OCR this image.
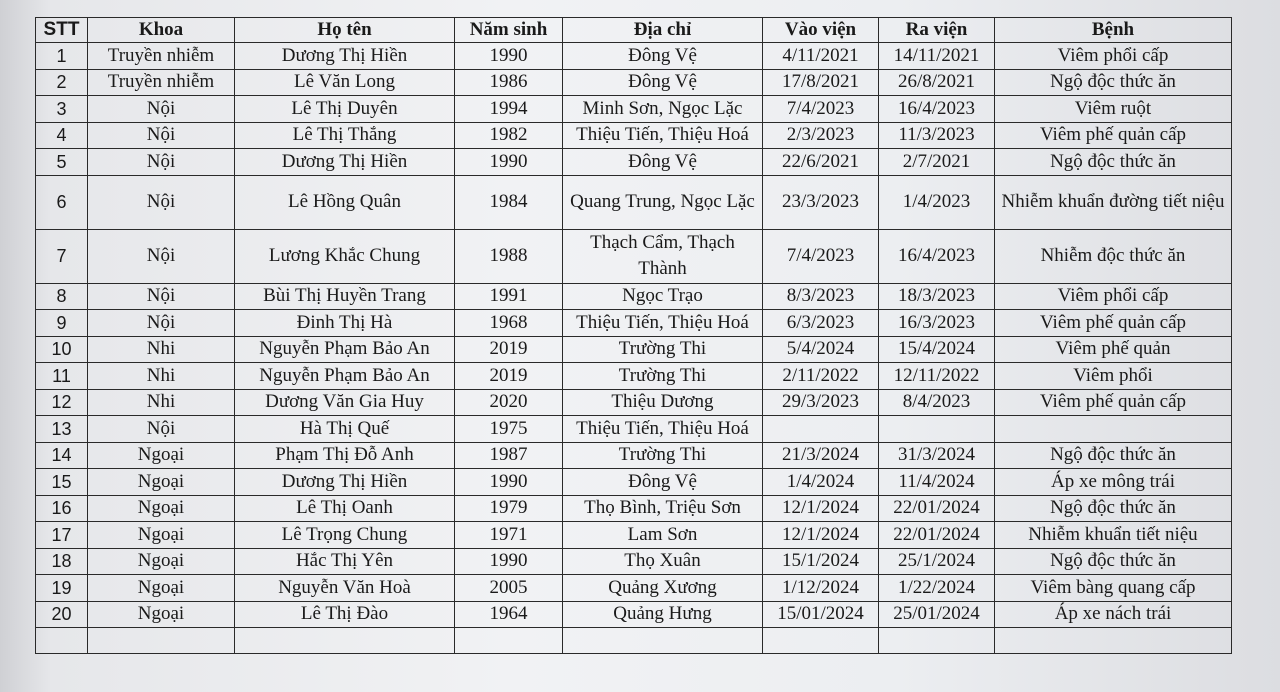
STT	Khoa	Họ tên	Năm sinh	Địa chỉ	Vào viện	Ra viện	Bệnh
1	Truyền nhiễm	Dương Thị Hiền	1990	Đông Vệ	4/11/2021	14/11/2021	Viêm phổi cấp
2	Truyền nhiễm	Lê Văn Long	1986	Đông Vệ	17/8/2021	26/8/2021	Ngộ độc thức ăn
3	Nội	Lê Thị Duyên	1994	Minh Sơn, Ngọc Lặc	7/4/2023	16/4/2023	Viêm ruột
4	Nội	Lê Thị Thắng	1982	Thiệu Tiến, Thiệu Hoá	2/3/2023	11/3/2023	Viêm phế quản cấp
5	Nội	Dương Thị Hiền	1990	Đông Vệ	22/6/2021	2/7/2021	Ngộ độc thức ăn
6	Nội	Lê Hồng Quân	1984	Quang Trung, Ngọc Lặc	23/3/2023	1/4/2023	Nhiễm khuẩn đường tiết niệu
7	Nội	Lương Khắc Chung	1988	Thạch Cẩm, Thạch Thành	7/4/2023	16/4/2023	Nhiễm độc thức ăn
8	Nội	Bùi Thị Huyền Trang	1991	Ngọc Trạo	8/3/2023	18/3/2023	Viêm phổi cấp
9	Nội	Đinh Thị Hà	1968	Thiệu Tiến, Thiệu Hoá	6/3/2023	16/3/2023	Viêm phế quản cấp
10	Nhi	Nguyễn Phạm Bảo An	2019	Trường Thi	5/4/2024	15/4/2024	Viêm phế quản
11	Nhi	Nguyễn Phạm Bảo An	2019	Trường Thi	2/11/2022	12/11/2022	Viêm phổi
12	Nhi	Dương Văn Gia Huy	2020	Thiệu Dương	29/3/2023	8/4/2023	Viêm phế quản cấp
13	Nội	Hà Thị Quế	1975	Thiệu Tiến, Thiệu Hoá			
14	Ngoại	Phạm Thị Đỗ Anh	1987	Trường Thi	21/3/2024	31/3/2024	Ngộ độc thức ăn
15	Ngoại	Dương Thị Hiền	1990	Đông Vệ	1/4/2024	11/4/2024	Áp xe mông trái
16	Ngoại	Lê Thị Oanh	1979	Thọ Bình, Triệu Sơn	12/1/2024	22/01/2024	Ngộ độc thức ăn
17	Ngoại	Lê Trọng Chung	1971	Lam Sơn	12/1/2024	22/01/2024	Nhiễm khuẩn tiết niệu
18	Ngoại	Hắc Thị Yên	1990	Thọ Xuân	15/1/2024	25/1/2024	Ngộ độc thức ăn
19	Ngoại	Nguyễn Văn Hoà	2005	Quảng Xương	1/12/2024	1/22/2024	Viêm bàng quang cấp
20	Ngoại	Lê Thị Đào	1964	Quảng Hưng	15/01/2024	25/01/2024	Áp xe nách trái
